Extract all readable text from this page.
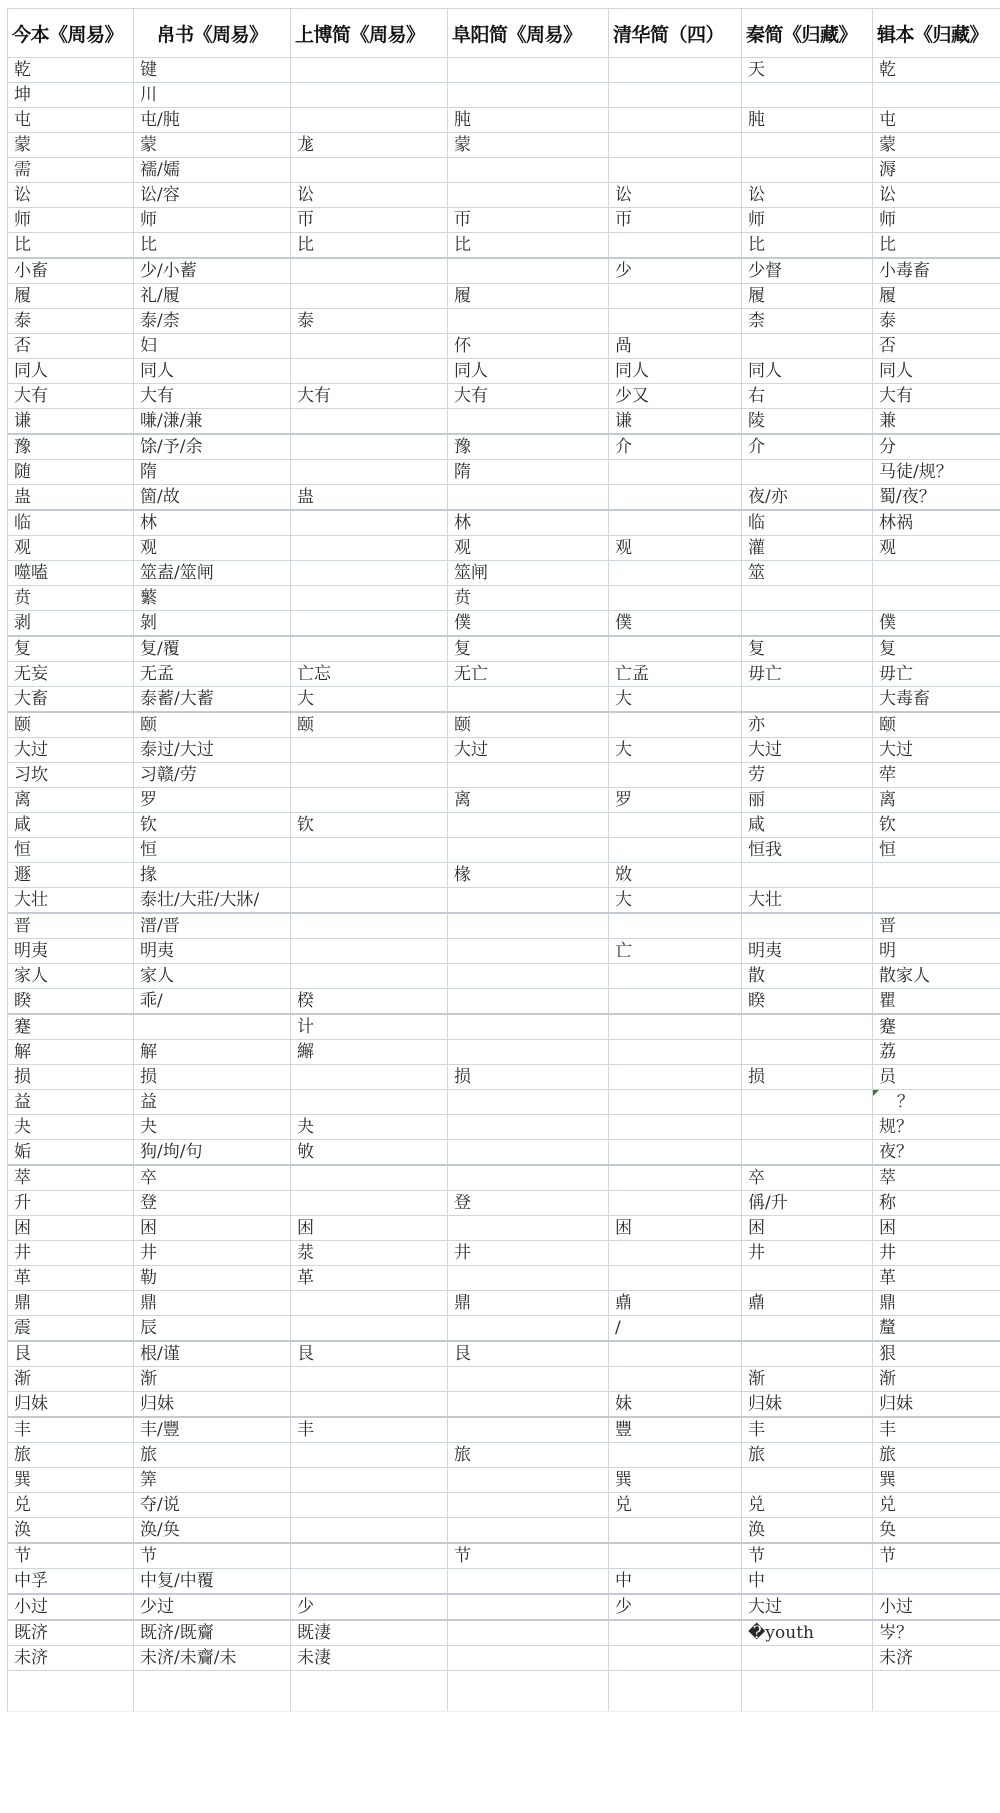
今本《周易》	帛书《周易》	上博简《周易》	阜阳简《周易》	清华简（四）	秦简《归藏》	辑本《归藏》
乾	键				天	乾
坤	川					
屯	屯/肫		肫		肫	屯
蒙	蒙	尨	蒙			蒙
需	襦/嬬					溽
讼	讼/容	讼		讼	讼	讼
师	师	帀	帀	帀	师	师
比	比	比	比		比	比
小畜	少/小蓄			少	少督	小毒畜
履	礼/履		履		履	履
泰	泰/柰	泰			柰	泰
否	妇		伓	咼		否
同人	同人		同人	同人	同人	同人
大有	大有	大有	大有	少又	右	大有
谦	嗛/溓/兼			谦	陵	兼
豫	馀/予/余		豫	介	介	分
随	隋		隋			马徒/规？
蛊	箇/故	蛊			夜/亦	蜀/夜？
临	林		林		临	林祸
观	观		观	观	灌	观
噬嗑	筮盍/筮闸		筮闸		筮	
贲	蘩		贲			
剥	剝		僕	僕		僕
复	复/覆		复		复	复
无妄	无孟	亡忘	无亡	亡孟	毋亡	毋亡
大畜	泰蓄/大蓄	大		大		大毒畜
颐	颐	颐	颐		亦	颐
大过	泰过/大过		大过	大	大过	大过
习坎	习赣/劳				劳	荦
离	罗		离	罗	丽	离
咸	钦	钦			咸	钦
恒	恒				恒我	恒
遯	掾		椽	敚		
大壮	泰壮/大莊/大牀/			大	大壮	
晋	溍/晋					晋
明夷	明夷			亡	明夷	明
家人	家人				散	散家人
睽	乖/	楑			睽	瞿
蹇		计				蹇
解	解	繲				荔
损	损		损		损	员
益	益					？
夬	夬	夬				规？
姤	狗/坸/句	敂				夜？
萃	卒				卒	萃
升	登		登		偁/升	称
困	困	困		困	困	困
井	井	汬	井		井	井
革	勒	革				革
鼎	鼎		鼎	鼑	鼑	鼎
震	辰			/		釐
艮	根/谨	艮	艮			狠
渐	渐				渐	渐
归妹	归妹			妹	归妹	归妹
丰	丰/豐	丰		豐	丰	丰
旅	旅		旅		旅	旅
巽	筭			巽		巽
兑	夺/说			兑	兑	兑
涣	涣/奂				涣	奂
节	节		节		节	节
中孚	中复/中覆			中	中	
小过	少过	少		少	大过	小过
既济	既济/既齎	既淒			�youth	岑？
未济	未济/未齎/未	未淒				未济
